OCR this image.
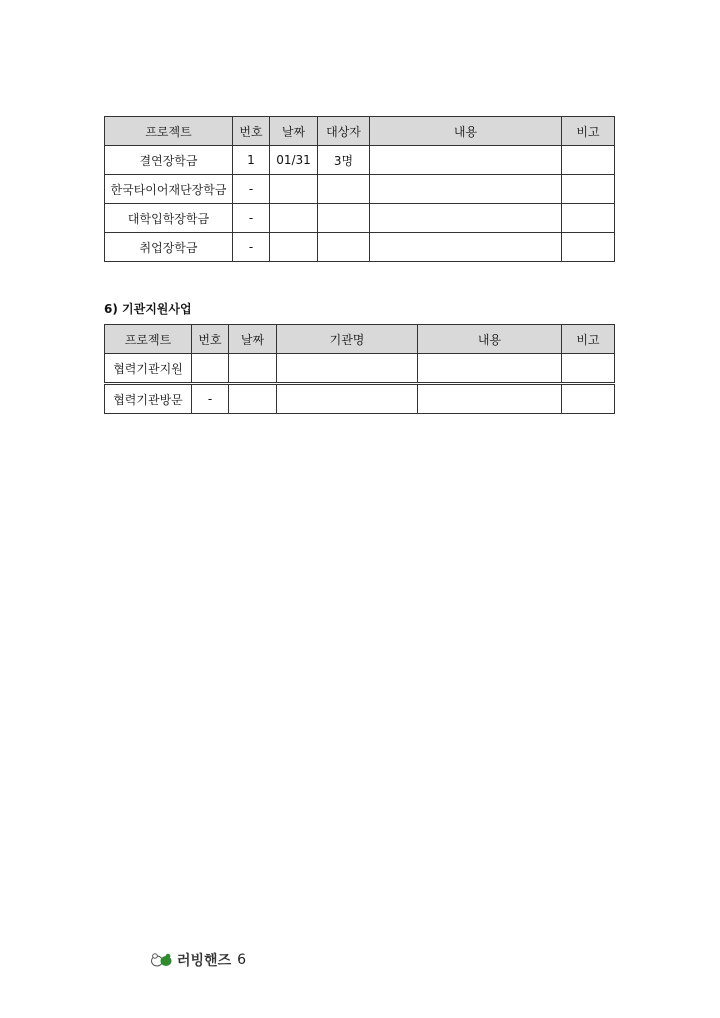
프로젝트	번호	날짜	대상자	내용	비고
결연장학금	1	01/31	3명		
한국타이어재단장학금	-				
대학입학장학금	-				
취업장학금	-				
6) 기관지원사업
프로젝트	번호	날짜	기관명	내용	비고
협력기관지원					
협력기관방문	-				
러빙핸즈 6
